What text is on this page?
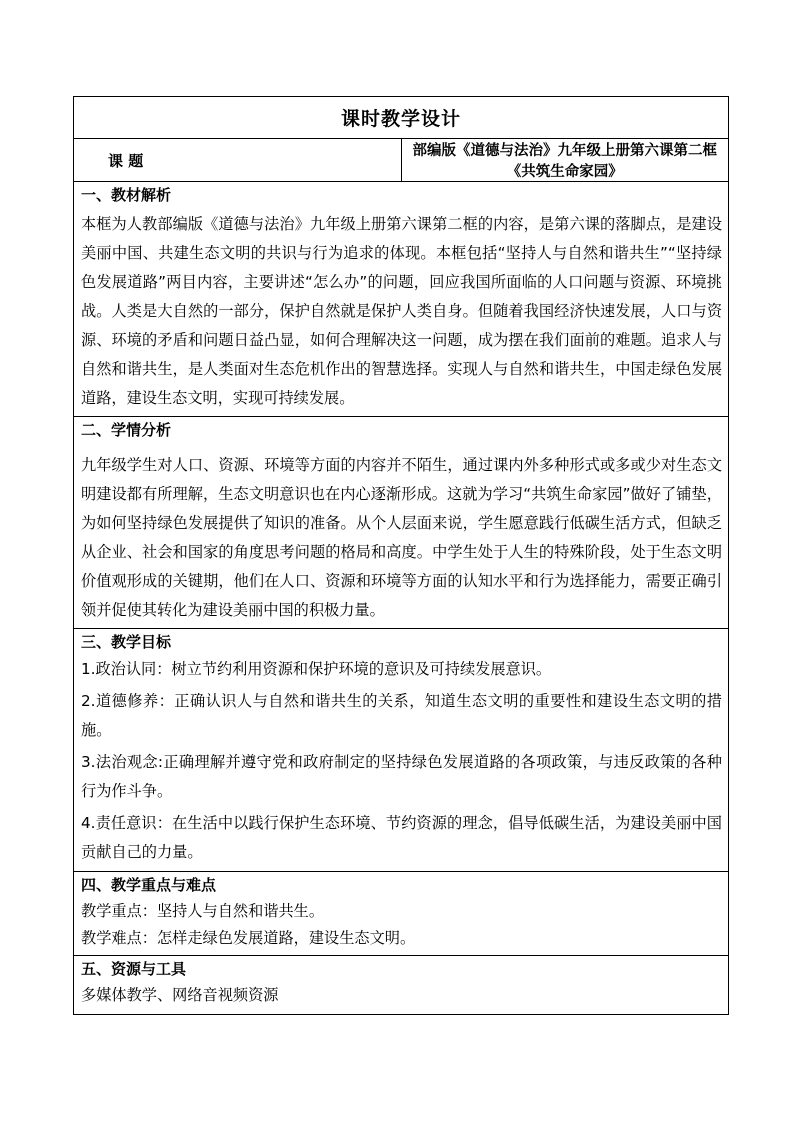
课时教学设计
课 题	部编版《道德与法治》九年级上册第六课第二框《共筑生命家园》

一、教材解析
本框为人教部编版《道德与法治》九年级上册第六课第二框的内容，是第六课的落脚点，是建设美丽中国、共建生态文明的共识与行为追求的体现。本框包括“坚持人与自然和谐共生”“坚持绿色发展道路”两目内容，主要讲述“怎么办”的问题，回应我国所面临的人口问题与资源、环境挑战。人类是大自然的一部分，保护自然就是保护人类自身。但随着我国经济快速发展，人口与资源、环境的矛盾和问题日益凸显，如何合理解决这一问题，成为摆在我们面前的难题。追求人与自然和谐共生，是人类面对生态危机作出的智慧选择。实现人与自然和谐共生，中国走绿色发展道路，建设生态文明，实现可持续发展。

二、学情分析
九年级学生对人口、资源、环境等方面的内容并不陌生，通过课内外多种形式或多或少对生态文明建设都有所理解，生态文明意识也在内心逐渐形成。这就为学习“共筑生命家园”做好了铺垫，为如何坚持绿色发展提供了知识的准备。从个人层面来说，学生愿意践行低碳生活方式，但缺乏从企业、社会和国家的角度思考问题的格局和高度。中学生处于人生的特殊阶段，处于生态文明价值观形成的关键期，他们在人口、资源和环境等方面的认知水平和行为选择能力，需要正确引领并促使其转化为建设美丽中国的积极力量。

三、教学目标
1.政治认同：树立节约利用资源和保护环境的意识及可持续发展意识。
2.道德修养：正确认识人与自然和谐共生的关系，知道生态文明的重要性和建设生态文明的措施。
3.法治观念:正确理解并遵守党和政府制定的坚持绿色发展道路的各项政策，与违反政策的各种行为作斗争。
4.责任意识：在生活中以践行保护生态环境、节约资源的理念，倡导低碳生活，为建设美丽中国贡献自己的力量。

四、教学重点与难点
教学重点：坚持人与自然和谐共生。
教学难点：怎样走绿色发展道路，建设生态文明。

五、资源与工具
多媒体教学、网络音视频资源
